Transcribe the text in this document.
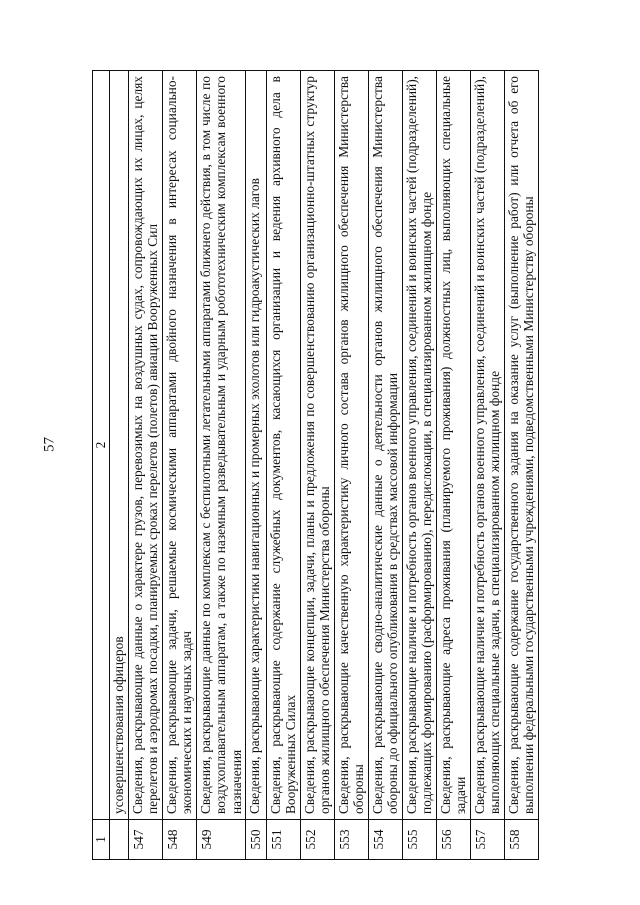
57
1	2
	усовершенствования офицеров
547	Сведения, раскрывающие данные о характере грузов, перевозимых на воздушных судах, сопровождающих их лицах, целях перелетов и аэродромах посадки, планируемых сроках перелетов (полетов) авиации Вооруженных Сил
548	Сведения, раскрывающие задачи, решаемые космическими аппаратами двойного назначения в интересах социально-экономических и научных задач
549	Сведения, раскрывающие данные по комплексам с беспилотными летательными аппаратами ближнего действия, в том числе по воздухоплавательным аппаратам, а также по наземным разведывательным и ударным робототехническим комплексам военного назначения
550	Сведения, раскрывающие характеристики навигационных и промерных эхолотов или гидроакустических лагов
551	Сведения, раскрывающие содержание служебных документов, касающихся организации и ведения архивного дела в Вооруженных Силах
552	Сведения, раскрывающие концепции, задачи, планы и предложения по совершенствованию организационно-штатных структур органов жилищного обеспечения Министерства обороны
553	Сведения, раскрывающие качественную характеристику личного состава органов жилищного обеспечения Министерства обороны
554	Сведения, раскрывающие сводно-аналитические данные о деятельности органов жилищного обеспечения Министерства обороны до официального опубликования в средствах массовой информации
555	Сведения, раскрывающие наличие и потребность органов военного управления, соединений и воинских частей (подразделений), подлежащих формированию (расформированию), передислокации, в специализированном жилищном фонде
556	Сведения, раскрывающие адреса проживания (планируемого проживания) должностных лиц, выполняющих специальные задачи
557	Сведения, раскрывающие наличие и потребность органов военного управления, соединений и воинских частей (подразделений), выполняющих специальные задачи, в специализированном жилищном фонде
558	Сведения, раскрывающие содержание государственного задания на оказание услуг (выполнение работ) или отчета об его выполнении федеральными государственными учреждениями, подведомственными Министерству обороны
